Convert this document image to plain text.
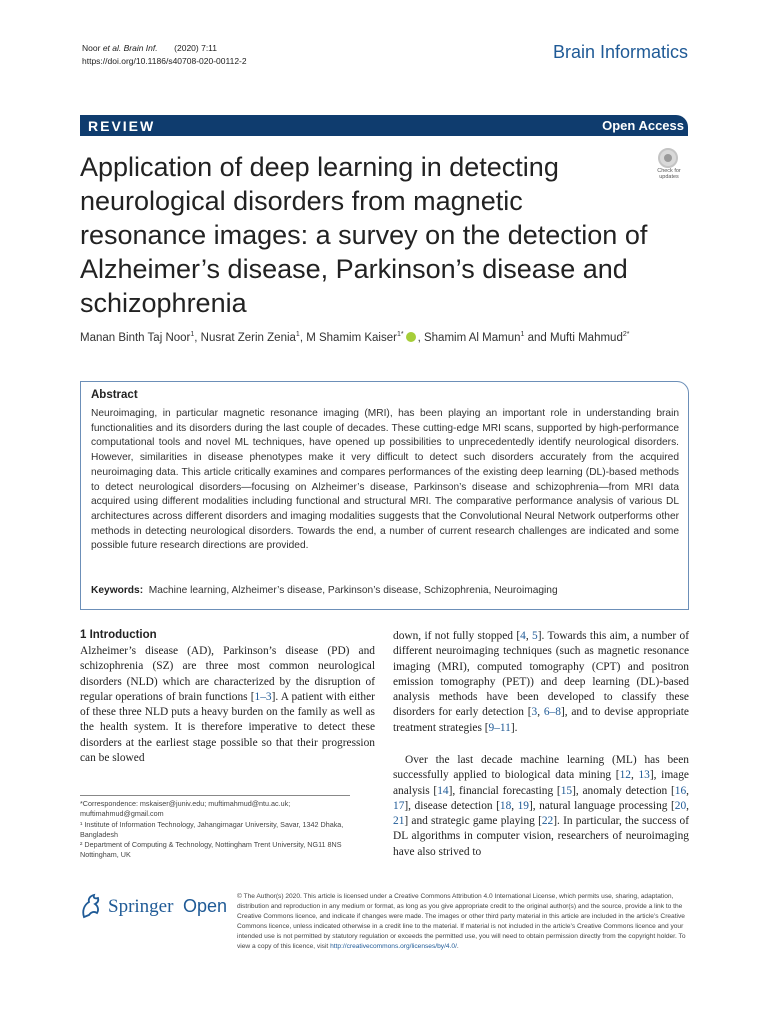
Noor et al. Brain Inf. (2020) 7:11
https://doi.org/10.1186/s40708-020-00112-2	Brain Informatics
REVIEW	Open Access
Check for
updates
Application of deep learning in detecting neurological disorders from magnetic resonance images: a survey on the detection of Alzheimer’s disease, Parkinson’s disease and schizophrenia
Manan Binth Taj Noor$^1$, Nusrat Zerin Zenia$^1$, M Shamim Kaiser$^{1*}$ , Shamim Al Mamun$^1$ and Mufti Mahmud$^{2*}$
Abstract
Neuroimaging, in particular magnetic resonance imaging (MRI), has been playing an important role in understanding brain functionalities and its disorders during the last couple of decades. These cutting-edge MRI scans, supported by high-performance computational tools and novel ML techniques, have opened up possibilities to unprecedentedly identify neurological disorders. However, similarities in disease phenotypes make it very difficult to detect such disorders accurately from the acquired neuroimaging data. This article critically examines and compares performances of the existing deep learning (DL)-based methods to detect neurological disorders—focusing on Alzheimer’s disease, Parkinson’s disease and schizophrenia—from MRI data acquired using different modalities including functional and structural MRI. The comparative performance analysis of various DL architectures across different disorders and imaging modalities suggests that the Convolutional Neural Network outperforms other methods in detecting neurological disorders. Towards the end, a number of current research challenges are indicated and some possible future research directions are provided.
Keywords: Machine learning, Alzheimer’s disease, Parkinson’s disease, Schizophrenia, Neuroimaging
1 Introduction
Alzheimer’s disease (AD), Parkinson’s disease (PD) and schizophrenia (SZ) are three most common neurological disorders (NLD) which are characterized by the disruption of regular operations of brain functions [1–3]. A patient with either of these three NLD puts a heavy burden on the family as well as the health system. It is therefore imperative to detect these disorders at the earliest stage possible so that their progression can be slowed
down, if not fully stopped [4, 5]. Towards this aim, a number of different neuroimaging techniques (such as magnetic resonance imaging (MRI), computed tomography (CPT) and positron emission tomography (PET)) and deep learning (DL)-based analysis methods have been developed to classify these disorders for early detection [3, 6–8], and to devise appropriate treatment strategies [9–11].
Over the last decade machine learning (ML) has been successfully applied to biological data mining [12, 13], image analysis [14], financial forecasting [15], anomaly detection [16, 17], disease detection [18, 19], natural language processing [20, 21] and strategic game playing [22]. In particular, the success of DL algorithms in computer vision, researchers of neuroimaging have also strived to
*Correspondence: mskaiser@juniv.edu; muftimahmud@ntu.ac.uk; muftimahmud@gmail.com
¹ Institute of Information Technology, Jahangirnagar University, Savar, 1342 Dhaka, Bangladesh
² Department of Computing & Technology, Nottingham Trent University, NG11 8NS Nottingham, UK
Springer Open © The Author(s) 2020. This article is licensed under a Creative Commons Attribution 4.0 International License, which permits use, sharing, adaptation, distribution and reproduction in any medium or format, as long as you give appropriate credit to the original author(s) and the source, provide a link to the Creative Commons licence, and indicate if changes were made. The images or other third party material in this article are included in the article’s Creative Commons licence, unless indicated otherwise in a credit line to the material. If material is not included in the article’s Creative Commons licence and your intended use is not permitted by statutory regulation or exceeds the permitted use, you will need to obtain permission directly from the copyright holder. To view a copy of this licence, visit http://creativecommons.org/licenses/by/4.0/.
